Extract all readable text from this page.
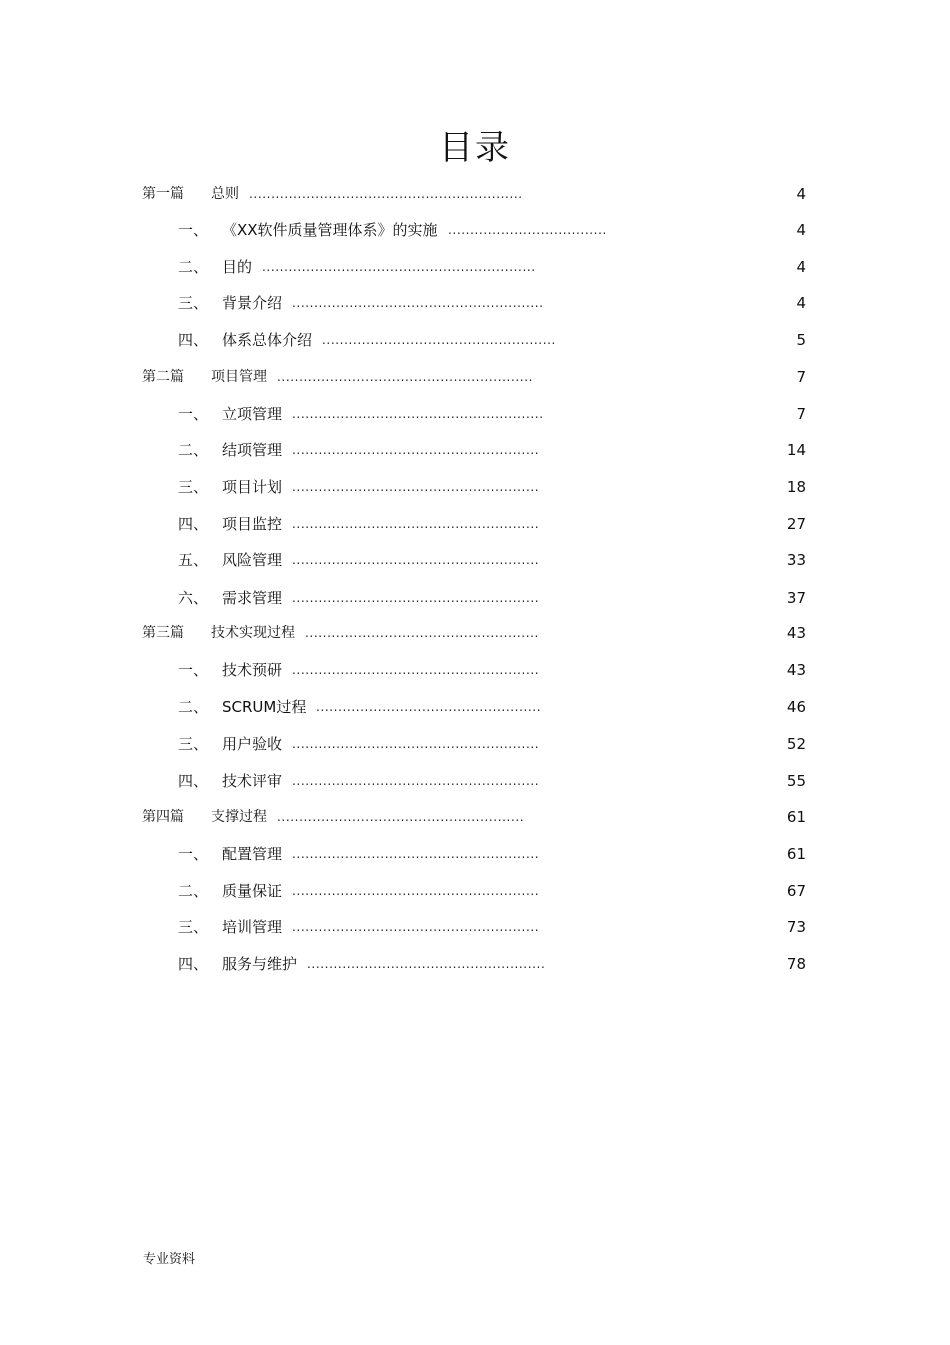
目录
第一篇 总则 ..............................................................	4
一、 《XX软件质量管理体系》的实施 ....................................	4
二、 目的 ..............................................................	4
三、 背景介绍 .........................................................	4
四、 体系总体介绍 .....................................................	5
第二篇 项目管理 ..........................................................	7
一、 立项管理 .........................................................	7
二、 结项管理 ........................................................	14
三、 项目计划 ........................................................	18
四、 项目监控 ........................................................	27
五、 风险管理 ........................................................	33
六、 需求管理 ........................................................	37
第三篇 技术实现过程 .....................................................	43
一、 技术预研 ........................................................	43
二、 SCRUM过程 ...................................................	46
三、 用户验收 ........................................................	52
四、 技术评审 ........................................................	55
第四篇 支撑过程 ........................................................	61
一、 配置管理 ........................................................	61
二、 质量保证 ........................................................	67
三、 培训管理 ........................................................	73
四、 服务与维护 ......................................................	78
专业资料
